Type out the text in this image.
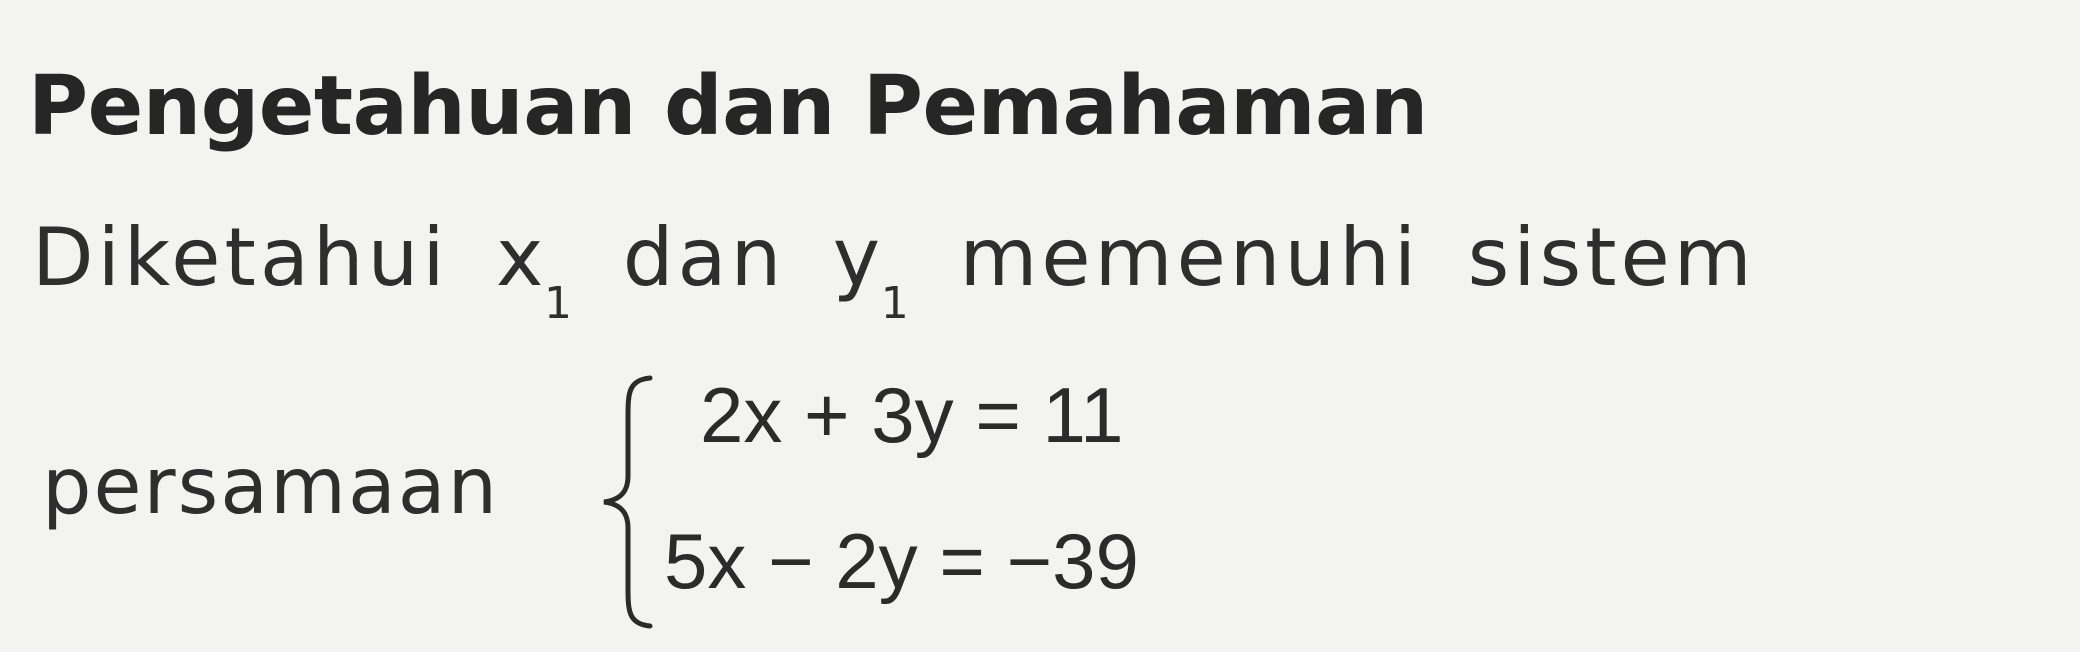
Pengetahuan dan Pemahaman
Diketahui x
1 dan y
1 memenuhi sistem
persamaan
2x + 3y = 11
5x − 2y = −39
